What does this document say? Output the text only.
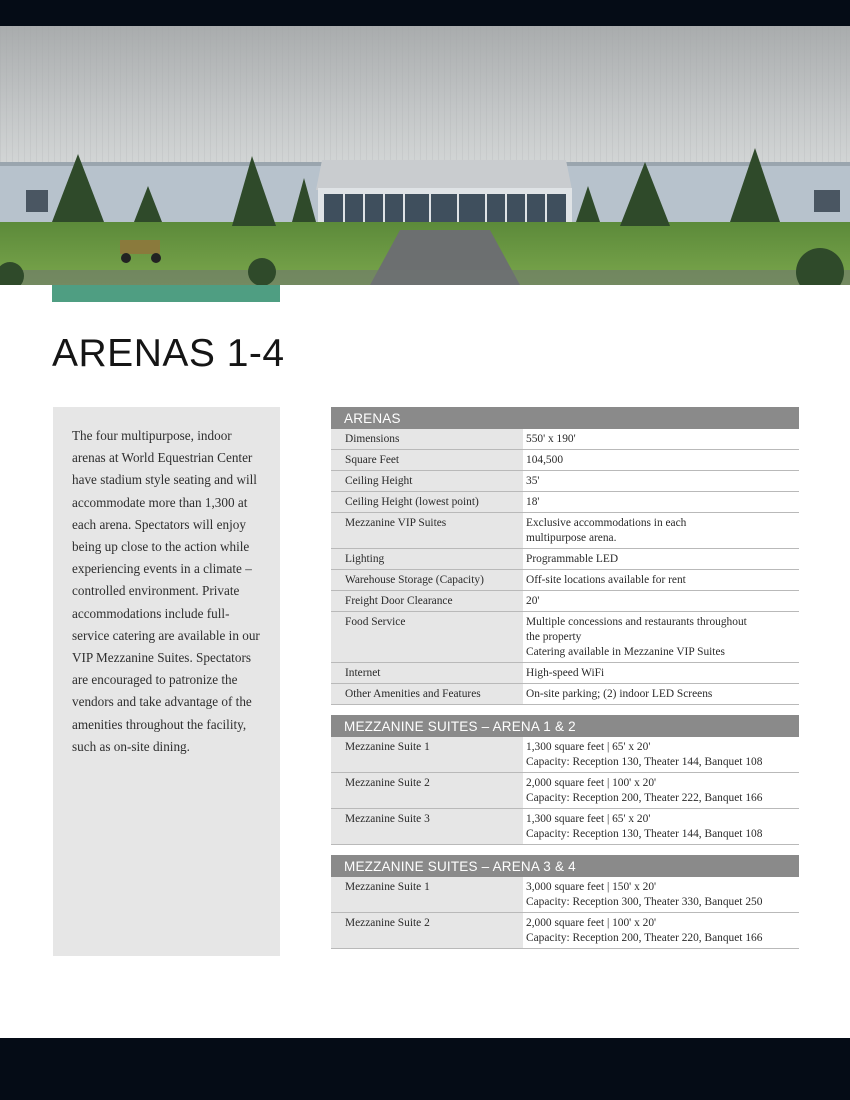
ARENAS 1-4

The four multipurpose, indoor arenas at World Equestrian Center have stadium style seating and will accommodate more than 1,300 at each arena. Spectators will enjoy being up close to the action while experiencing events in a climate – controlled environment. Private accommodations include full-service catering are available in our VIP Mezzanine Suites. Spectators are encouraged to patronize the vendors and take advantage of the amenities throughout the facility, such as on-site dining.

ARENAS
Dimensions	550' x 190'

Square Feet	104,500

Ceiling Height	35'

Ceiling Height (lowest point)	18'

Mezzanine VIP Suites	Exclusive accommodations in each
multipurpose arena.

Lighting	Programmable LED

Warehouse Storage (Capacity)	Off-site locations available for rent

Freight Door Clearance	20'

Food Service	Multiple concessions and restaurants throughout
the property
Catering available in Mezzanine VIP Suites

Internet	High-speed WiFi

Other Amenities and Features	On-site parking; (2) indoor LED Screens
MEZZANINE SUITES – ARENA 1 & 2
Mezzanine Suite 1	1,300 square feet | 65' x 20'
Capacity: Reception 130, Theater 144, Banquet 108

Mezzanine Suite 2	2,000 square feet | 100' x 20'
Capacity: Reception 200, Theater 222, Banquet 166

Mezzanine Suite 3	1,300 square feet | 65' x 20'
Capacity: Reception 130, Theater 144, Banquet 108
MEZZANINE SUITES – ARENA 3 & 4
Mezzanine Suite 1	3,000 square feet | 150' x 20'
Capacity: Reception 300, Theater 330, Banquet 250

Mezzanine Suite 2	2,000 square feet | 100' x 20'
Capacity: Reception 200, Theater 220, Banquet 166
